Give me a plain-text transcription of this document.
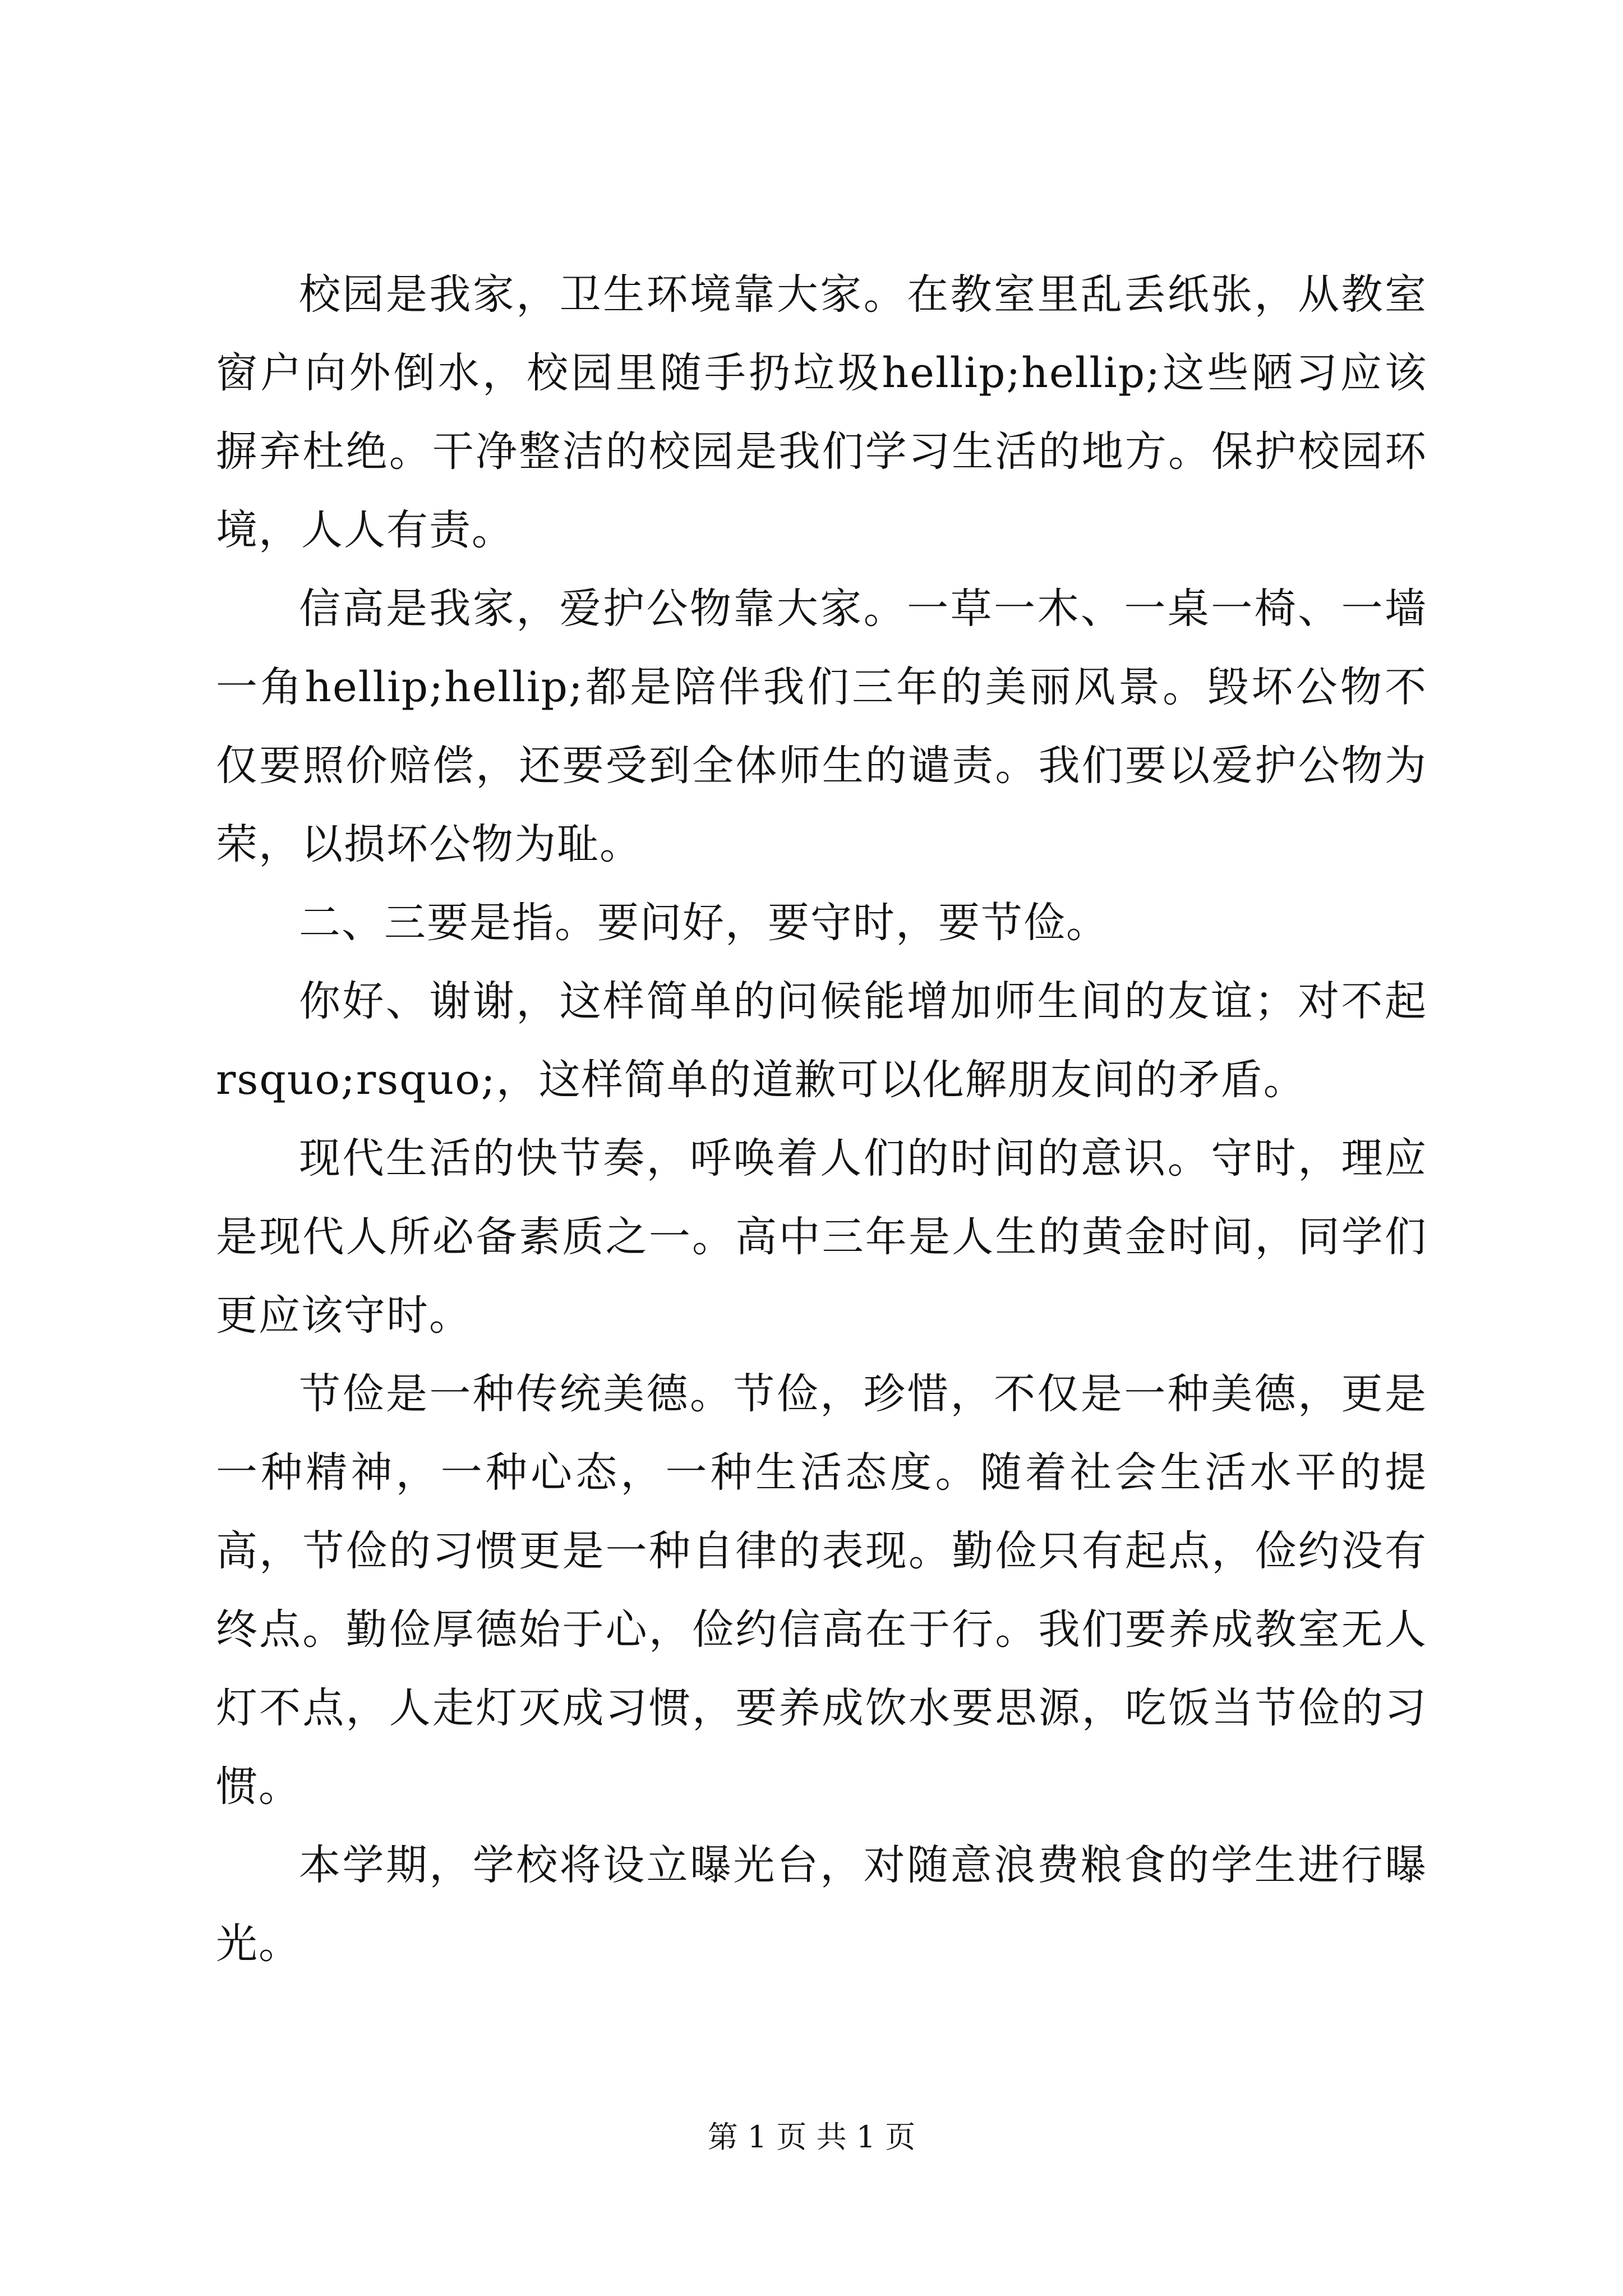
校园是我家，卫生环境靠大家。在教室里乱丢纸张，从教室窗户向外倒水，校园里随手扔垃圾hellip;hellip;这些陋习应该摒弃杜绝。干净整洁的校园是我们学习生活的地方。保护校园环境，人人有责。

信高是我家，爱护公物靠大家。一草一木、一桌一椅、一墙一角hellip;hellip;都是陪伴我们三年的美丽风景。毁坏公物不仅要照价赔偿，还要受到全体师生的谴责。我们要以爱护公物为荣，以损坏公物为耻。

二、三要是指。要问好，要守时，要节俭。

你好、谢谢，这样简单的问候能增加师生间的友谊；对不起rsquo;rsquo;，这样简单的道歉可以化解朋友间的矛盾。

现代生活的快节奏，呼唤着人们的时间的意识。守时，理应是现代人所必备素质之一。高中三年是人生的黄金时间，同学们更应该守时。

节俭是一种传统美德。节俭，珍惜，不仅是一种美德，更是一种精神，一种心态，一种生活态度。随着社会生活水平的提高，节俭的习惯更是一种自律的表现。勤俭只有起点，俭约没有终点。勤俭厚德始于心，俭约信高在于行。我们要养成教室无人灯不点，人走灯灭成习惯，要养成饮水要思源，吃饭当节俭的习惯。

本学期，学校将设立曝光台，对随意浪费粮食的学生进行曝光。

第 1 页 共 1 页
